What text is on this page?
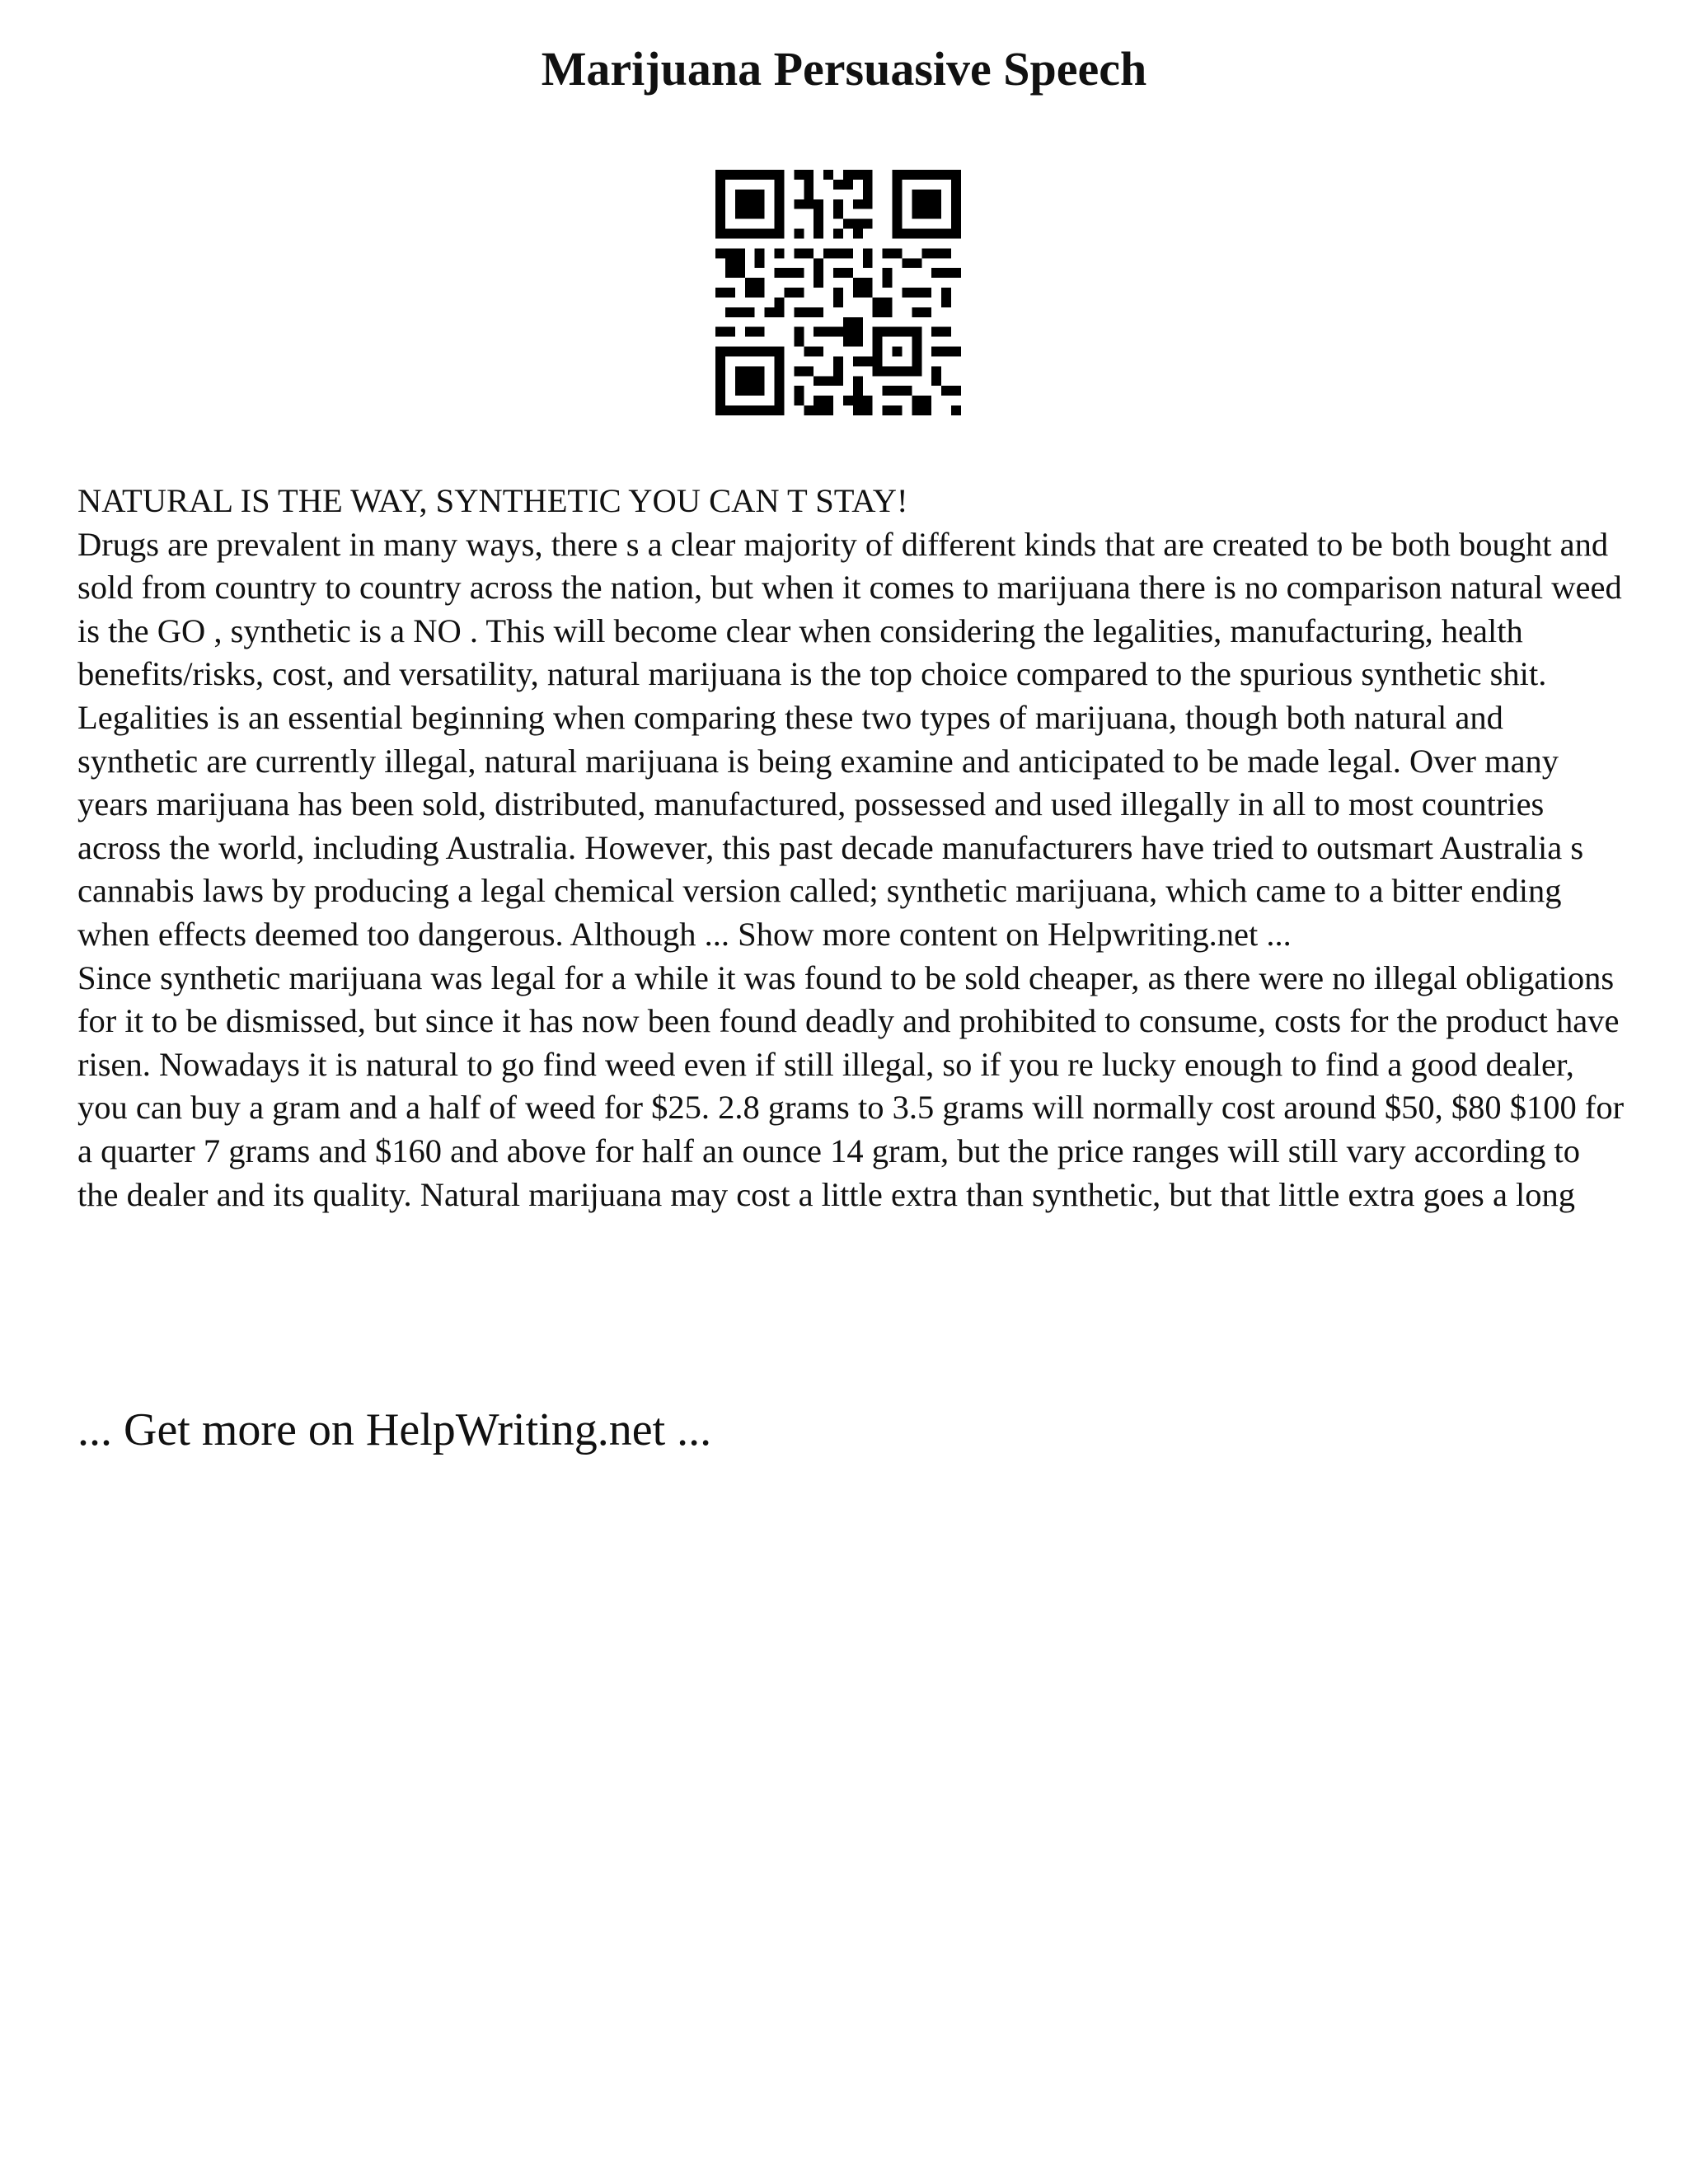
Marijuana Persuasive Speech

NATURAL IS THE WAY, SYNTHETIC YOU CAN T STAY!

Drugs are prevalent in many ways, there s a clear majority of different kinds that are created to be both bought and sold from country to country across the nation, but when it comes to marijuana there is no comparison natural weed is the GO , synthetic is a NO . This will become clear when considering the legalities, manufacturing, health benefits/risks, cost, and versatility, natural marijuana is the top choice compared to the spurious synthetic shit.

Legalities is an essential beginning when comparing these two types of marijuana, though both natural and synthetic are currently illegal, natural marijuana is being examine and anticipated to be made legal. Over many years marijuana has been sold, distributed, manufactured, possessed and used illegally in all to most countries across the world, including Australia. However, this past decade manufacturers have tried to outsmart Australia s cannabis laws by producing a legal chemical version called; synthetic marijuana, which came to a bitter ending when effects deemed too dangerous. Although ... Show more content on Helpwriting.net ...

Since synthetic marijuana was legal for a while it was found to be sold cheaper, as there were no illegal obligations for it to be dismissed, but since it has now been found deadly and prohibited to consume, costs for the product have risen. Nowadays it is natural to go find weed even if still illegal, so if you re lucky enough to find a good dealer, you can buy a gram and a half of weed for $25. 2.8 grams to 3.5 grams will normally cost around $50, $80 $100 for a quarter 7 grams and $160 and above for half an ounce 14 gram, but the price ranges will still vary according to the dealer and its quality. Natural marijuana may cost a little extra than synthetic, but that little extra goes a long

... Get more on HelpWriting.net ...
